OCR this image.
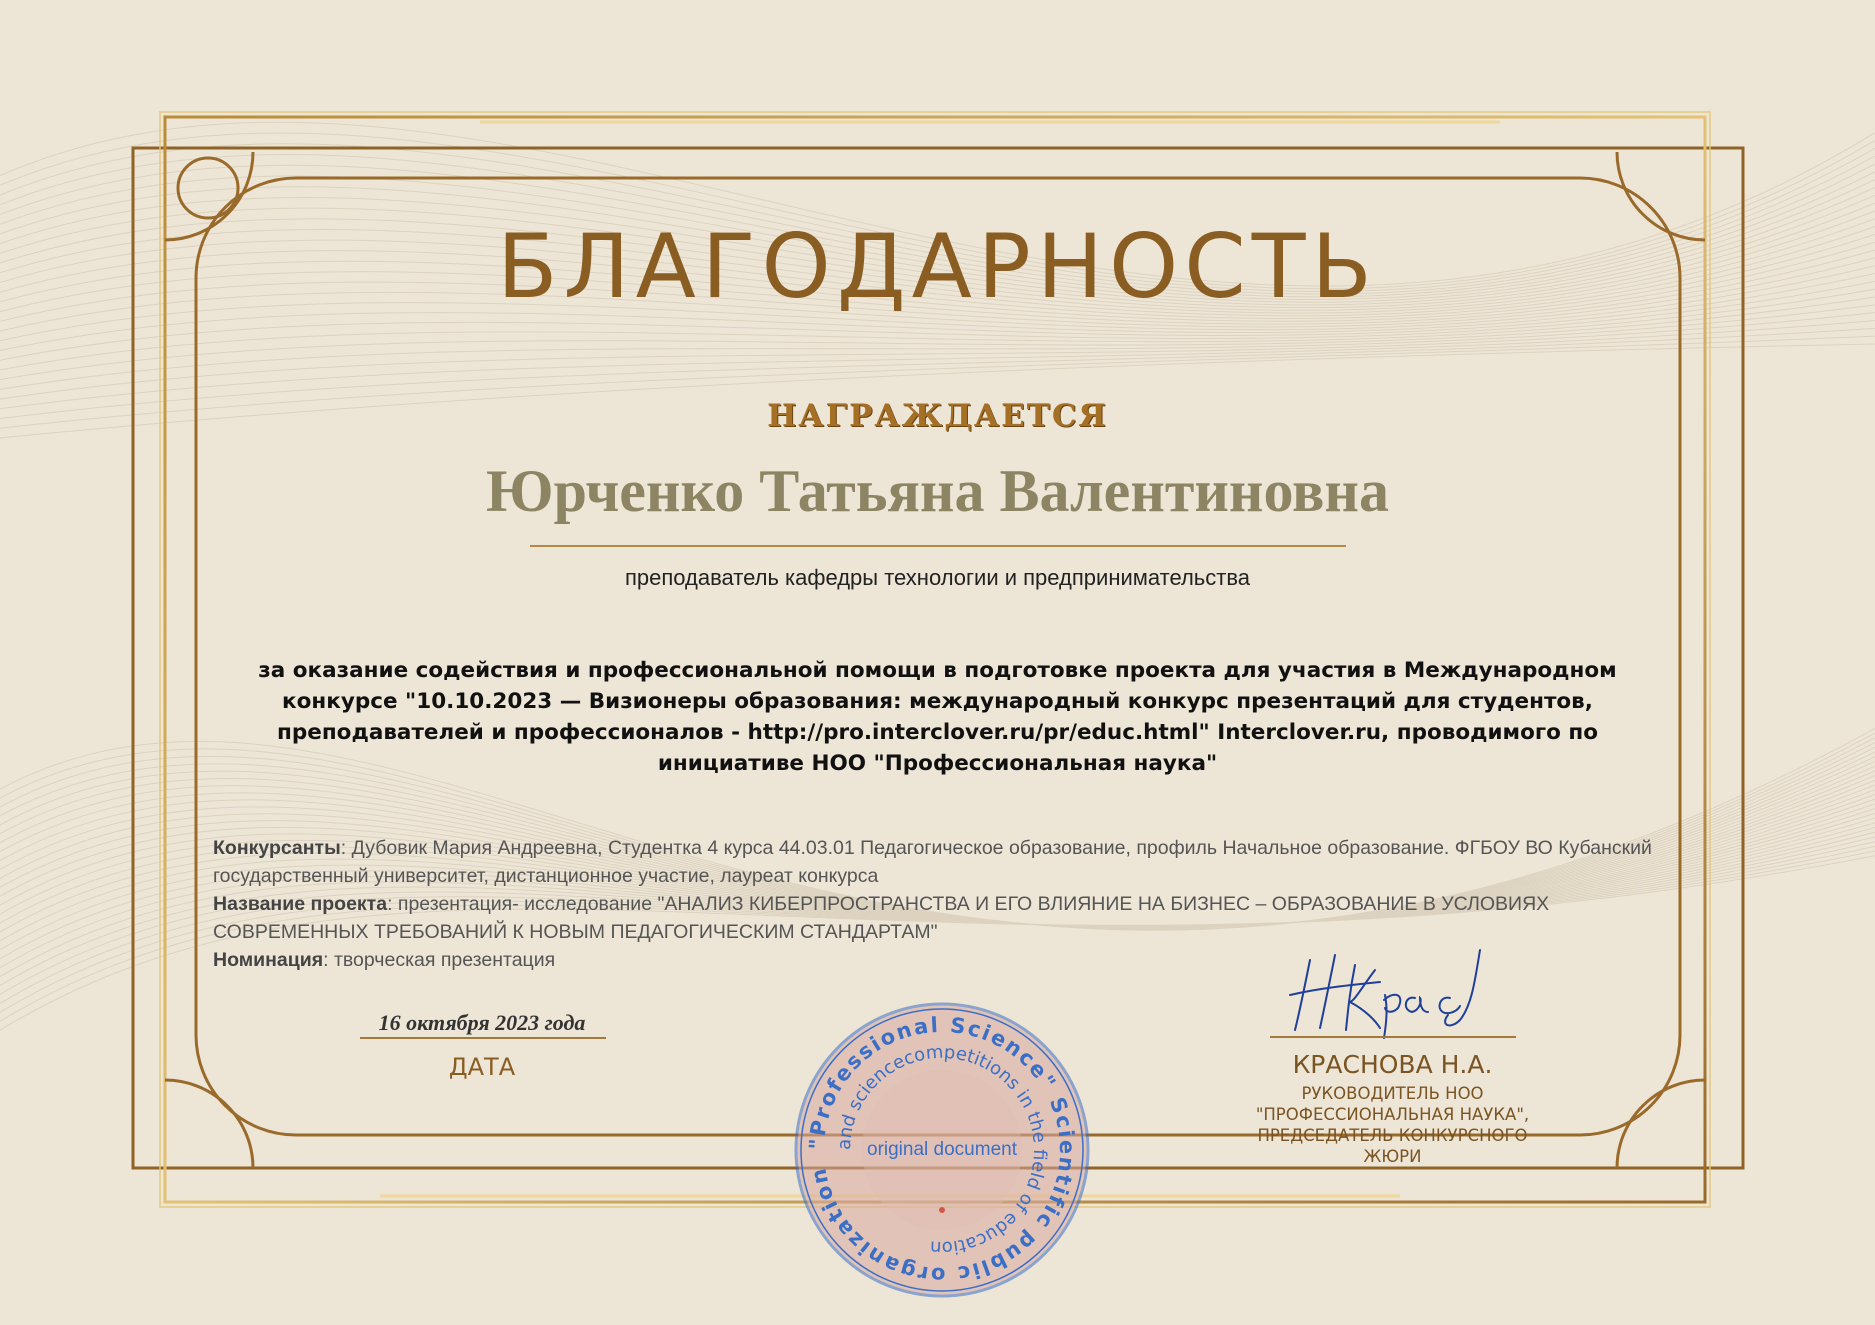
БЛАГОДАРНОСТЬ
НАГРАЖДАЕТСЯ
Юрченко Татьяна Валентиновна
преподаватель кафедры технологии и предпринимательства
за оказание содействия и профессиональной помощи в подготовке проекта для участия в Международном конкурсе "10.10.2023 — Визионеры образования: международный конкурс презентаций для студентов, преподавателей и профессионалов - http://pro.interclover.ru/pr/educ.html" Interclover.ru, проводимого по инициативе НОО "Профессиональная наука"

Конкурсанты: Дубовик Мария Андреевна, Студентка 4 курса 44.03.01 Педагогическое образование, профиль Начальное образование. ФГБОУ ВО Кубанский государственный университет, дистанционное участие, лауреат конкурса

Название проекта: презентация- исследование "АНАЛИЗ КИБЕРПРОСТРАНСТВА И ЕГО ВЛИЯНИЕ НА БИЗНЕС – ОБРАЗОВАНИЕ В УСЛОВИЯХ СОВРЕМЕННЫХ ТРЕБОВАНИЙ К НОВЫМ ПЕДАГОГИЧЕСКИМ СТАНДАРТАМ"

Номинация: творческая презентация

16 октября 2023 года
ДАТА	КРАСНОВА Н.А.
РУКОВОДИТЕЛЬ НОО "ПРОФЕССИОНАЛЬНАЯ НАУКА", ПРЕДСЕДАТЕЛЬ КОНКУРСНОГО ЖЮРИ
"Professional Science" Scientific public organization
and sciencecompetitions in the field of education
original document
